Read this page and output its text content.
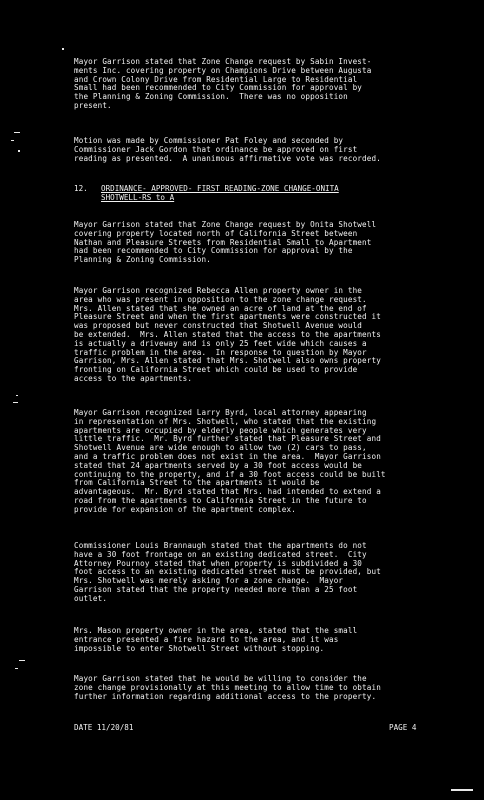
Mayor Garrison stated that Zone Change request by Sabin Invest-
ments Inc. covering property on Champions Drive between Augusta
and Crown Colony Drive from Residential Large to Residential
Small had been recommended to City Commission for approval by
the Planning & Zoning Commission.  There was no opposition
present.
Motion was made by Commissioner Pat Foley and seconded by
Commissioner Jack Gordon that ordinance be approved on first
reading as presented.  A unanimous affirmative vote was recorded.
12. ORDINANCE- APPROVED- FIRST READING-ZONE CHANGE-ONITA
SHOTWELL-RS to A
Mayor Garrison stated that Zone Change request by Onita Shotwell
covering property located north of California Street between
Nathan and Pleasure Streets from Residential Small to Apartment
had been recommended to City Commission for approval by the
Planning & Zoning Commission.
Mayor Garrison recognized Rebecca Allen property owner in the
area who was present in opposition to the zone change request.
Mrs. Allen stated that she owned an acre of land at the end of
Pleasure Street and when the first apartments were constructed it
was proposed but never constructed that Shotwell Avenue would
be extended.  Mrs. Allen stated that the access to the apartments
is actually a driveway and is only 25 feet wide which causes a
traffic problem in the area.  In response to question by Mayor
Garrison, Mrs. Allen stated that Mrs. Shotwell also owns property
fronting on California Street which could be used to provide
access to the apartments.
Mayor Garrison recognized Larry Byrd, local attorney appearing
in representation of Mrs. Shotwell, who stated that the existing
apartments are occupied by elderly people which generates very
little traffic.  Mr. Byrd further stated that Pleasure Street and
Shotwell Avenue are wide enough to allow two (2) cars to pass,
and a traffic problem does not exist in the area.  Mayor Garrison
stated that 24 apartments served by a 30 foot access would be
continuing to the property, and if a 30 foot access could be built
from California Street to the apartments it would be
advantageous.  Mr. Byrd stated that Mrs. had intended to extend a
road from the apartments to California Street in the future to
provide for expansion of the apartment complex.
Commissioner Louis Brannaugh stated that the apartments do not
have a 30 foot frontage on an existing dedicated street.  City
Attorney Pournoy stated that when property is subdivided a 30
foot access to an existing dedicated street must be provided, but
Mrs. Shotwell was merely asking for a zone change.  Mayor
Garrison stated that the property needed more than a 25 foot
outlet.
Mrs. Mason property owner in the area, stated that the small
entrance presented a fire hazard to the area, and it was
impossible to enter Shotwell Street without stopping.
Mayor Garrison stated that he would be willing to consider the
zone change provisionally at this meeting to allow time to obtain
further information regarding additional access to the property.
DATE 11/20/81	PAGE 4
